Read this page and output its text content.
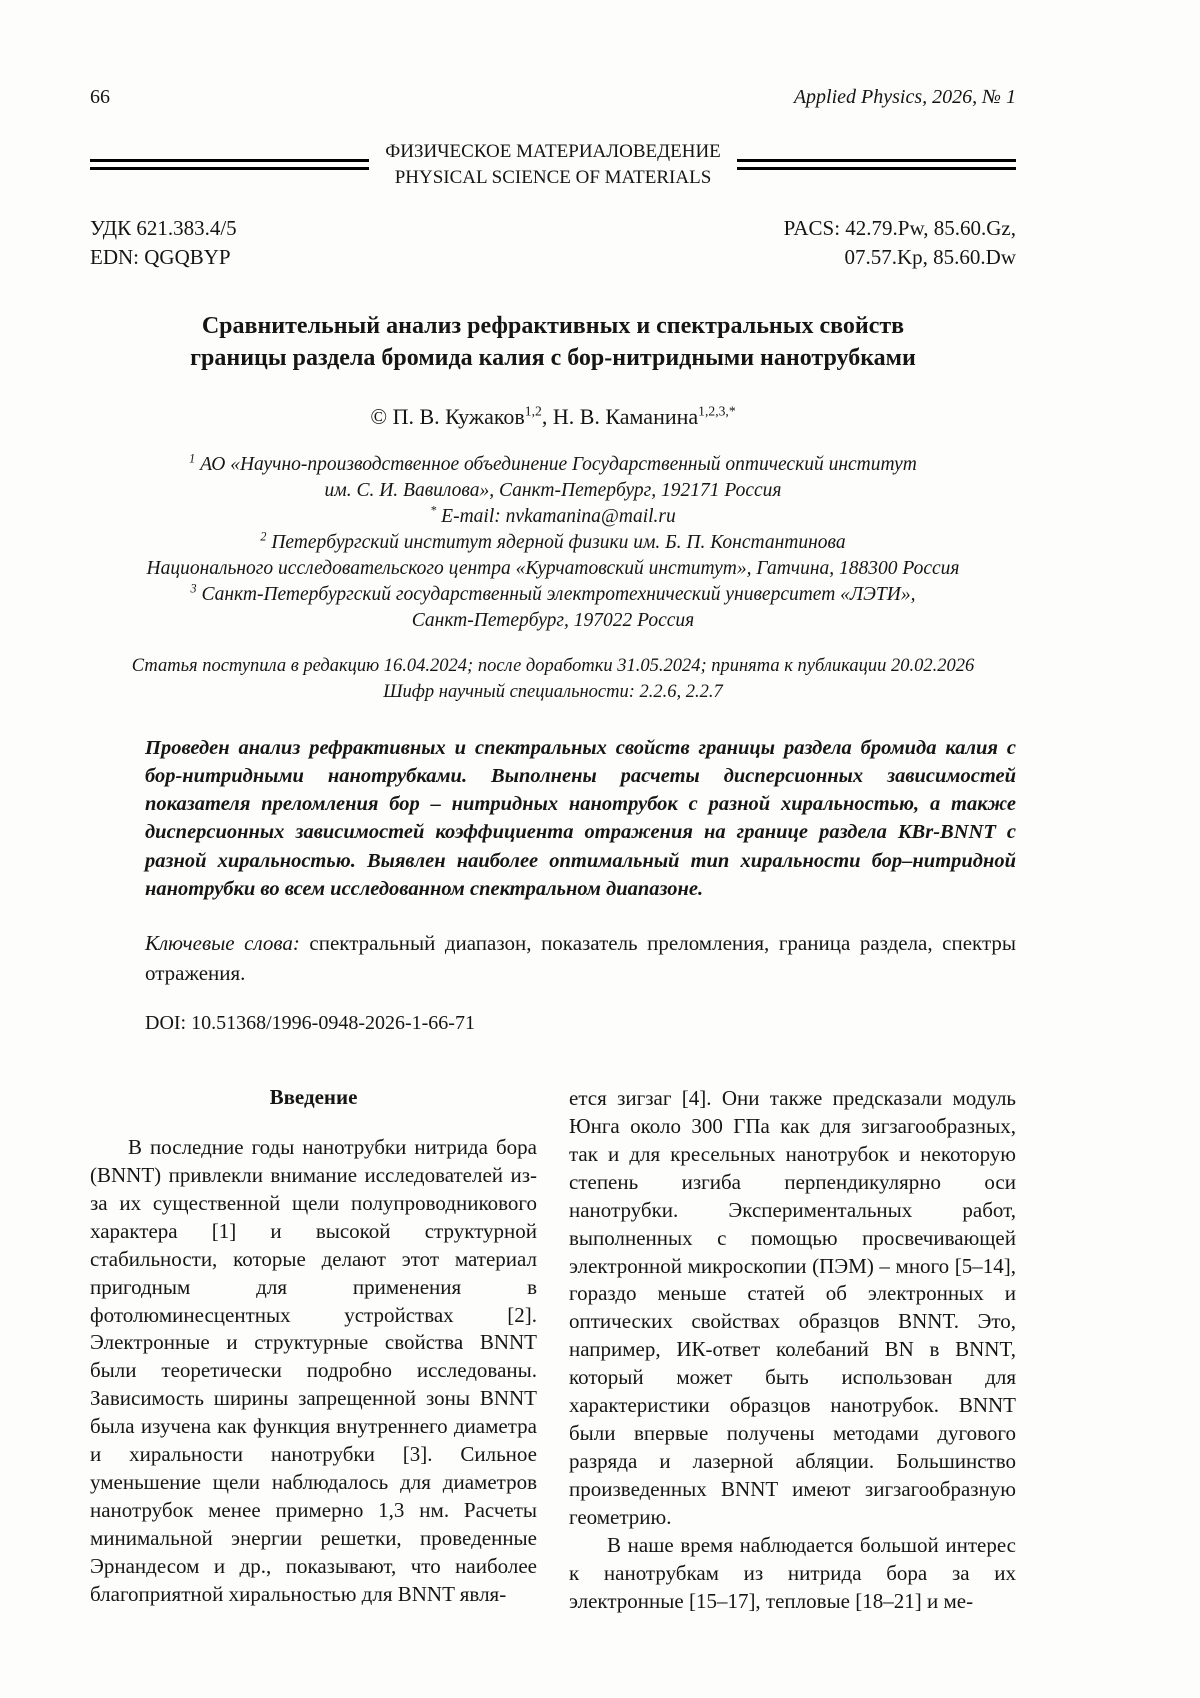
66	Applied Physics, 2026, № 1
ФИЗИЧЕСКОЕ МАТЕРИАЛОВЕДЕНИЕ
PHYSICAL SCIENCE OF MATERIALS
УДК 621.383.4/5
EDN: QGQBYP
PACS: 42.79.Pw, 85.60.Gz,
07.57.Kp, 85.60.Dw
Сравнительный анализ рефрактивных и спектральных свойств
границы раздела бромида калия с бор-нитридными нанотрубками
© П. В. Кужаков$^{1,2}$, Н. В. Каманина$^{1,2,3,*}$
$^1$ АО «Научно-производственное объединение Государственный оптический институт
им. С. И. Вавилова», Санкт-Петербург, 192171 Россия
* E-mail: nvkamanina@mail.ru
$^2$ Петербургский институт ядерной физики им. Б. П. Константинова
Национального исследовательского центра «Курчатовский институт», Гатчина, 188300 Россия
$^3$ Санкт-Петербургский государственный электротехнический университет «ЛЭТИ»,
Санкт-Петербург, 197022 Россия
Статья поступила в редакцию 16.04.2024; после доработки 31.05.2024; принята к публикации 20.02.2026
Шифр научный специальности: 2.2.6, 2.2.7

Проведен анализ рефрактивных и спектральных свойств границы раздела бромида калия с бор-нитридными нанотрубками. Выполнены расчеты дисперсионных зависимостей показателя преломления бор – нитридных нанотрубок с разной хиральностью, а также дисперсионных зависимостей коэффициента отражения на границе раздела KBr-BNNT с разной хиральностью. Выявлен наиболее оптимальный тип хиральности бор–нитридной нанотрубки во всем исследованном спектральном диапазоне.

Ключевые слова: спектральный диапазон, показатель преломления, граница раздела, спектры отражения.

DOI: 10.51368/1996-0948-2026-1-66-71

Введение

В последние годы нанотрубки нитрида бора (BNNT) привлекли внимание исследователей из-за их существенной щели полупроводникового характера [1] и высокой структурной стабильности, которые делают этот материал пригодным для применения в фотолюминесцентных устройствах [2]. Электронные и структурные свойства BNNT были теоретически подробно исследованы. Зависимость ширины запрещенной зоны BNNT была изучена как функция внутреннего диаметра и хиральности нанотрубки [3]. Сильное уменьшение щели наблюдалось для диаметров нанотрубок менее примерно 1,3 нм. Расчеты минимальной энергии решетки, проведенные Эрнандесом и др., показывают, что наиболее благоприятной хиральностью для BNNT явля-

ется зигзаг [4]. Они также предсказали модуль Юнга около 300 ГПа как для зигзагообразных, так и для кресельных нанотрубок и некоторую степень изгиба перпендикулярно оси нанотрубки. Экспериментальных работ, выполненных с помощью просвечивающей электронной микроскопии (ПЭМ) – много [5–14], гораздо меньше статей об электронных и оптических свойствах образцов BNNT. Это, например, ИК-ответ колебаний BN в BNNT, который может быть использован для характеристики образцов нанотрубок. BNNT были впервые получены методами дугового разряда и лазерной абляции. Большинство произведенных BNNT имеют зигзагообразную геометрию.

В наше время наблюдается большой интерес к нанотрубкам из нитрида бора за их электронные [15–17], тепловые [18–21] и ме-
